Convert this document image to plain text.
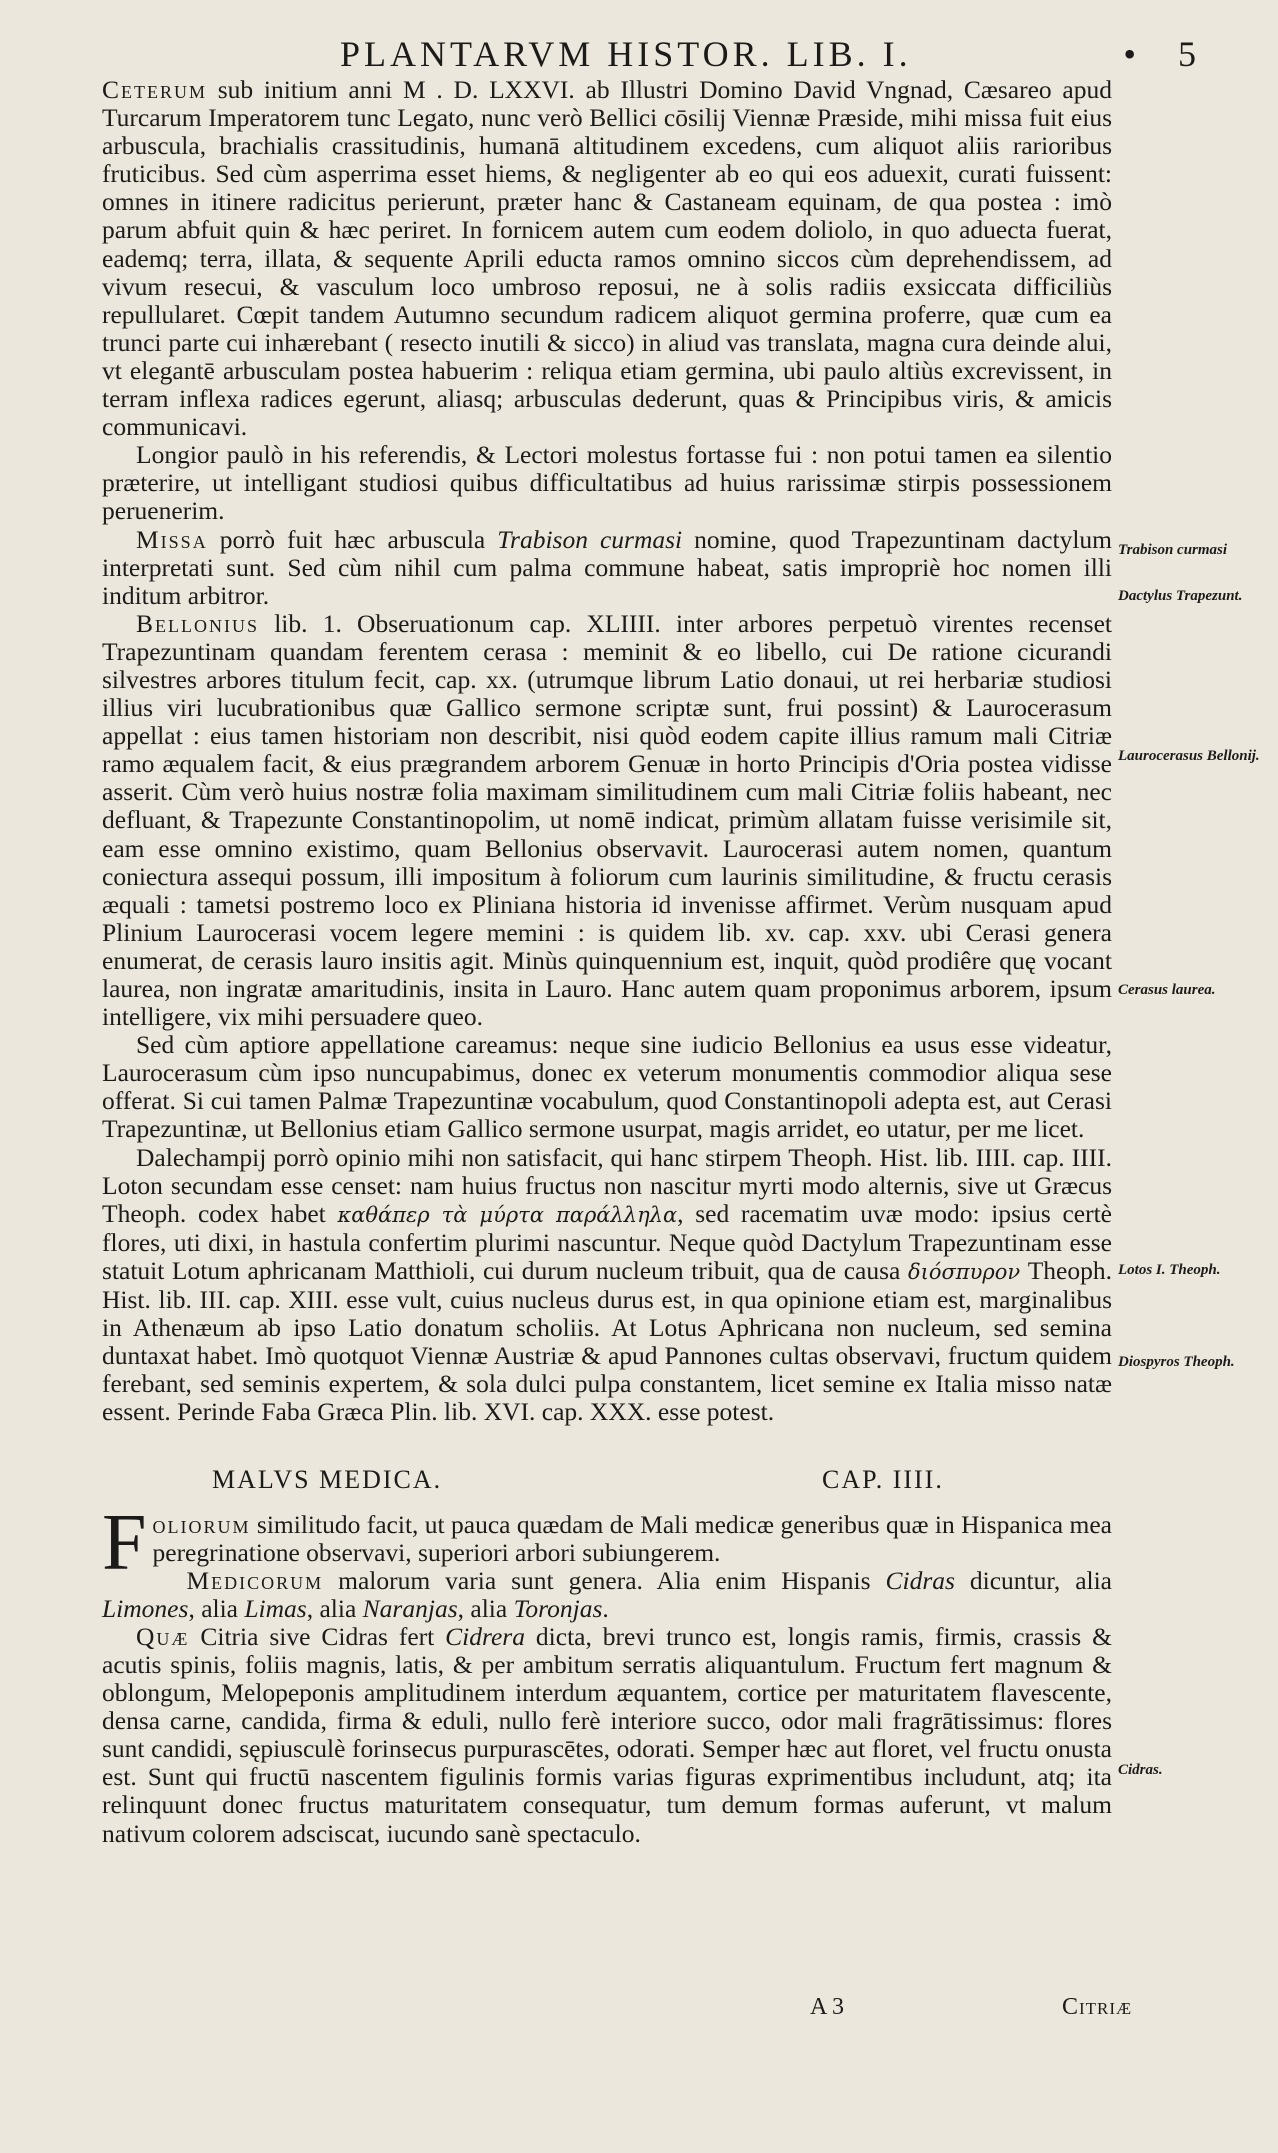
PLANTARVM HISTOR. LIB. I.	• 5

Ceterum sub initium anni M . D. LXXVI. ab Illustri Domino David Vngnad, Cæsareo apud Turcarum Imperatorem tunc Legato, nunc verò Bellici cōsilij Viennæ Præside, mihi missa fuit eius arbuscula, brachialis crassitudinis, humanā altitudinem excedens, cum aliquot aliis rarioribus fruticibus. Sed cùm asperrima esset hiems, & negligenter ab eo qui eos aduexit, curati fuissent: omnes in itinere radicitus perierunt, præter hanc & Castaneam equinam, de qua postea : imò parum abfuit quin & hæc periret. In fornicem autem cum eodem doliolo, in quo aduecta fuerat, eademq; terra, illata, & sequente Aprili educta ramos omnino siccos cùm deprehendissem, ad vivum resecui, & vasculum loco umbroso reposui, ne à solis radiis exsiccata difficiliùs repullularet. Cœpit tandem Autumno secundum radicem aliquot germina proferre, quæ cum ea trunci parte cui inhærebant ( resecto inutili & sicco) in aliud vas translata, magna cura deinde alui, vt elegantē arbusculam postea habuerim : reliqua etiam germina, ubi paulo altiùs excrevissent, in terram inflexa radices egerunt, aliasq; arbusculas dederunt, quas & Principibus viris, & amicis communicavi.

Longior paulò in his referendis, & Lectori molestus fortasse fui : non potui tamen ea silentio præterire, ut intelligant studiosi quibus difficultatibus ad huius rarissimæ stirpis possessionem peruenerim.

Missa porrò fuit hæc arbuscula Trabison curmasi nomine, quod Trapezuntinam dactylum interpretati sunt. Sed cùm nihil cum palma commune habeat, satis impropriè hoc nomen illi inditum arbitror.

Bellonius lib. 1. Obseruationum cap. XLIIII. inter arbores perpetuò virentes recenset Trapezuntinam quandam ferentem cerasa : meminit & eo libello, cui De ratione cicurandi silvestres arbores titulum fecit, cap. xx. (utrumque librum Latio donaui, ut rei herbariæ studiosi illius viri lucubrationibus quæ Gallico sermone scriptæ sunt, frui possint) & Laurocerasum appellat : eius tamen historiam non describit, nisi quòd eodem capite illius ramum mali Citriæ ramo æqualem facit, & eius prægrandem arborem Genuæ in horto Principis d'Oria postea vidisse asserit. Cùm verò huius nostræ folia maximam similitudinem cum mali Citriæ foliis habeant, nec defluant, & Trapezunte Constantinopolim, ut nomē indicat, primùm allatam fuisse verisimile sit, eam esse omnino existimo, quam Bellonius observavit. Laurocerasi autem nomen, quantum coniectura assequi possum, illi impositum à foliorum cum laurinis similitudine, & fructu cerasis æquali : tametsi postremo loco ex Pliniana historia id invenisse affirmet. Verùm nusquam apud Plinium Laurocerasi vocem legere memini : is quidem lib. xv. cap. xxv. ubi Cerasi genera enumerat, de cerasis lauro insitis agit. Minùs quinquennium est, inquit, quòd prodiêre quę vocant laurea, non ingratæ amaritudinis, insita in Lauro. Hanc autem quam proponimus arborem, ipsum intelligere, vix mihi persuadere queo.

Sed cùm aptiore appellatione careamus: neque sine iudicio Bellonius ea usus esse videatur, Laurocerasum cùm ipso nuncupabimus, donec ex veterum monumentis commodior aliqua sese offerat. Si cui tamen Palmæ Trapezuntinæ vocabulum, quod Constantinopoli adepta est, aut Cerasi Trapezuntinæ, ut Bellonius etiam Gallico sermone usurpat, magis arridet, eo utatur, per me licet.

Dalechampij porrò opinio mihi non satisfacit, qui hanc stirpem Theoph. Hist. lib. IIII. cap. IIII. Loton secundam esse censet: nam huius fructus non nascitur myrti modo alternis, sive ut Græcus Theoph. codex habet καθάπερ τὰ μύρτα παράλληλα, sed racematim uvæ modo: ipsius certè flores, uti dixi, in hastula confertim plurimi nascuntur. Neque quòd Dactylum Trapezuntinam esse statuit Lotum aphricanam Matthioli, cui durum nucleum tribuit, qua de causa διόσπυρον Theoph. Hist. lib. III. cap. XIII. esse vult, cuius nucleus durus est, in qua opinione etiam est, marginalibus in Athenæum ab ipso Latio donatum scholiis. At Lotus Aphricana non nucleum, sed semina duntaxat habet. Imò quotquot Viennæ Austriæ & apud Pannones cultas observavi, fructum quidem ferebant, sed seminis expertem, & sola dulci pulpa constantem, licet semine ex Italia misso natæ essent. Perinde Faba Græca Plin. lib. XVI. cap. XXX. esse potest.

MALVS MEDICA.	CAP. IIII.

Foliorum similitudo facit, ut pauca quædam de Mali medicæ generibus quæ in Hispanica mea peregrinatione observavi, superiori arbori subiungerem.

Medicorum malorum varia sunt genera. Alia enim Hispanis Cidras dicuntur, alia Limones, alia Limas, alia Naranjas, alia Toronjas.

Quæ Citria sive Cidras fert Cidrera dicta, brevi trunco est, longis ramis, firmis, crassis & acutis spinis, foliis magnis, latis, & per ambitum serratis aliquantulum. Fructum fert magnum & oblongum, Melopeponis amplitudinem interdum æquantem, cortice per maturitatem flavescente, densa carne, candida, firma & eduli, nullo ferè interiore succo, odor mali fragrātissimus: flores sunt candidi, sępiusculè forinsecus purpurascētes, odorati. Semper hæc aut floret, vel fructu onusta est. Sunt qui fructū nascentem figulinis formis varias figuras exprimentibus includunt, atq; ita relinquunt donec fructus maturitatem consequatur, tum demum formas auferunt, vt malum nativum colorem adsciscat, iucundo sanè spectaculo.

Trabison curmasi
Dactylus Trapezunt.
Laurocerasus Bellonij.
Cerasus laurea.
Lotos I. Theoph.
Diospyros Theoph.
Cidras.
A 3	Citriæ
